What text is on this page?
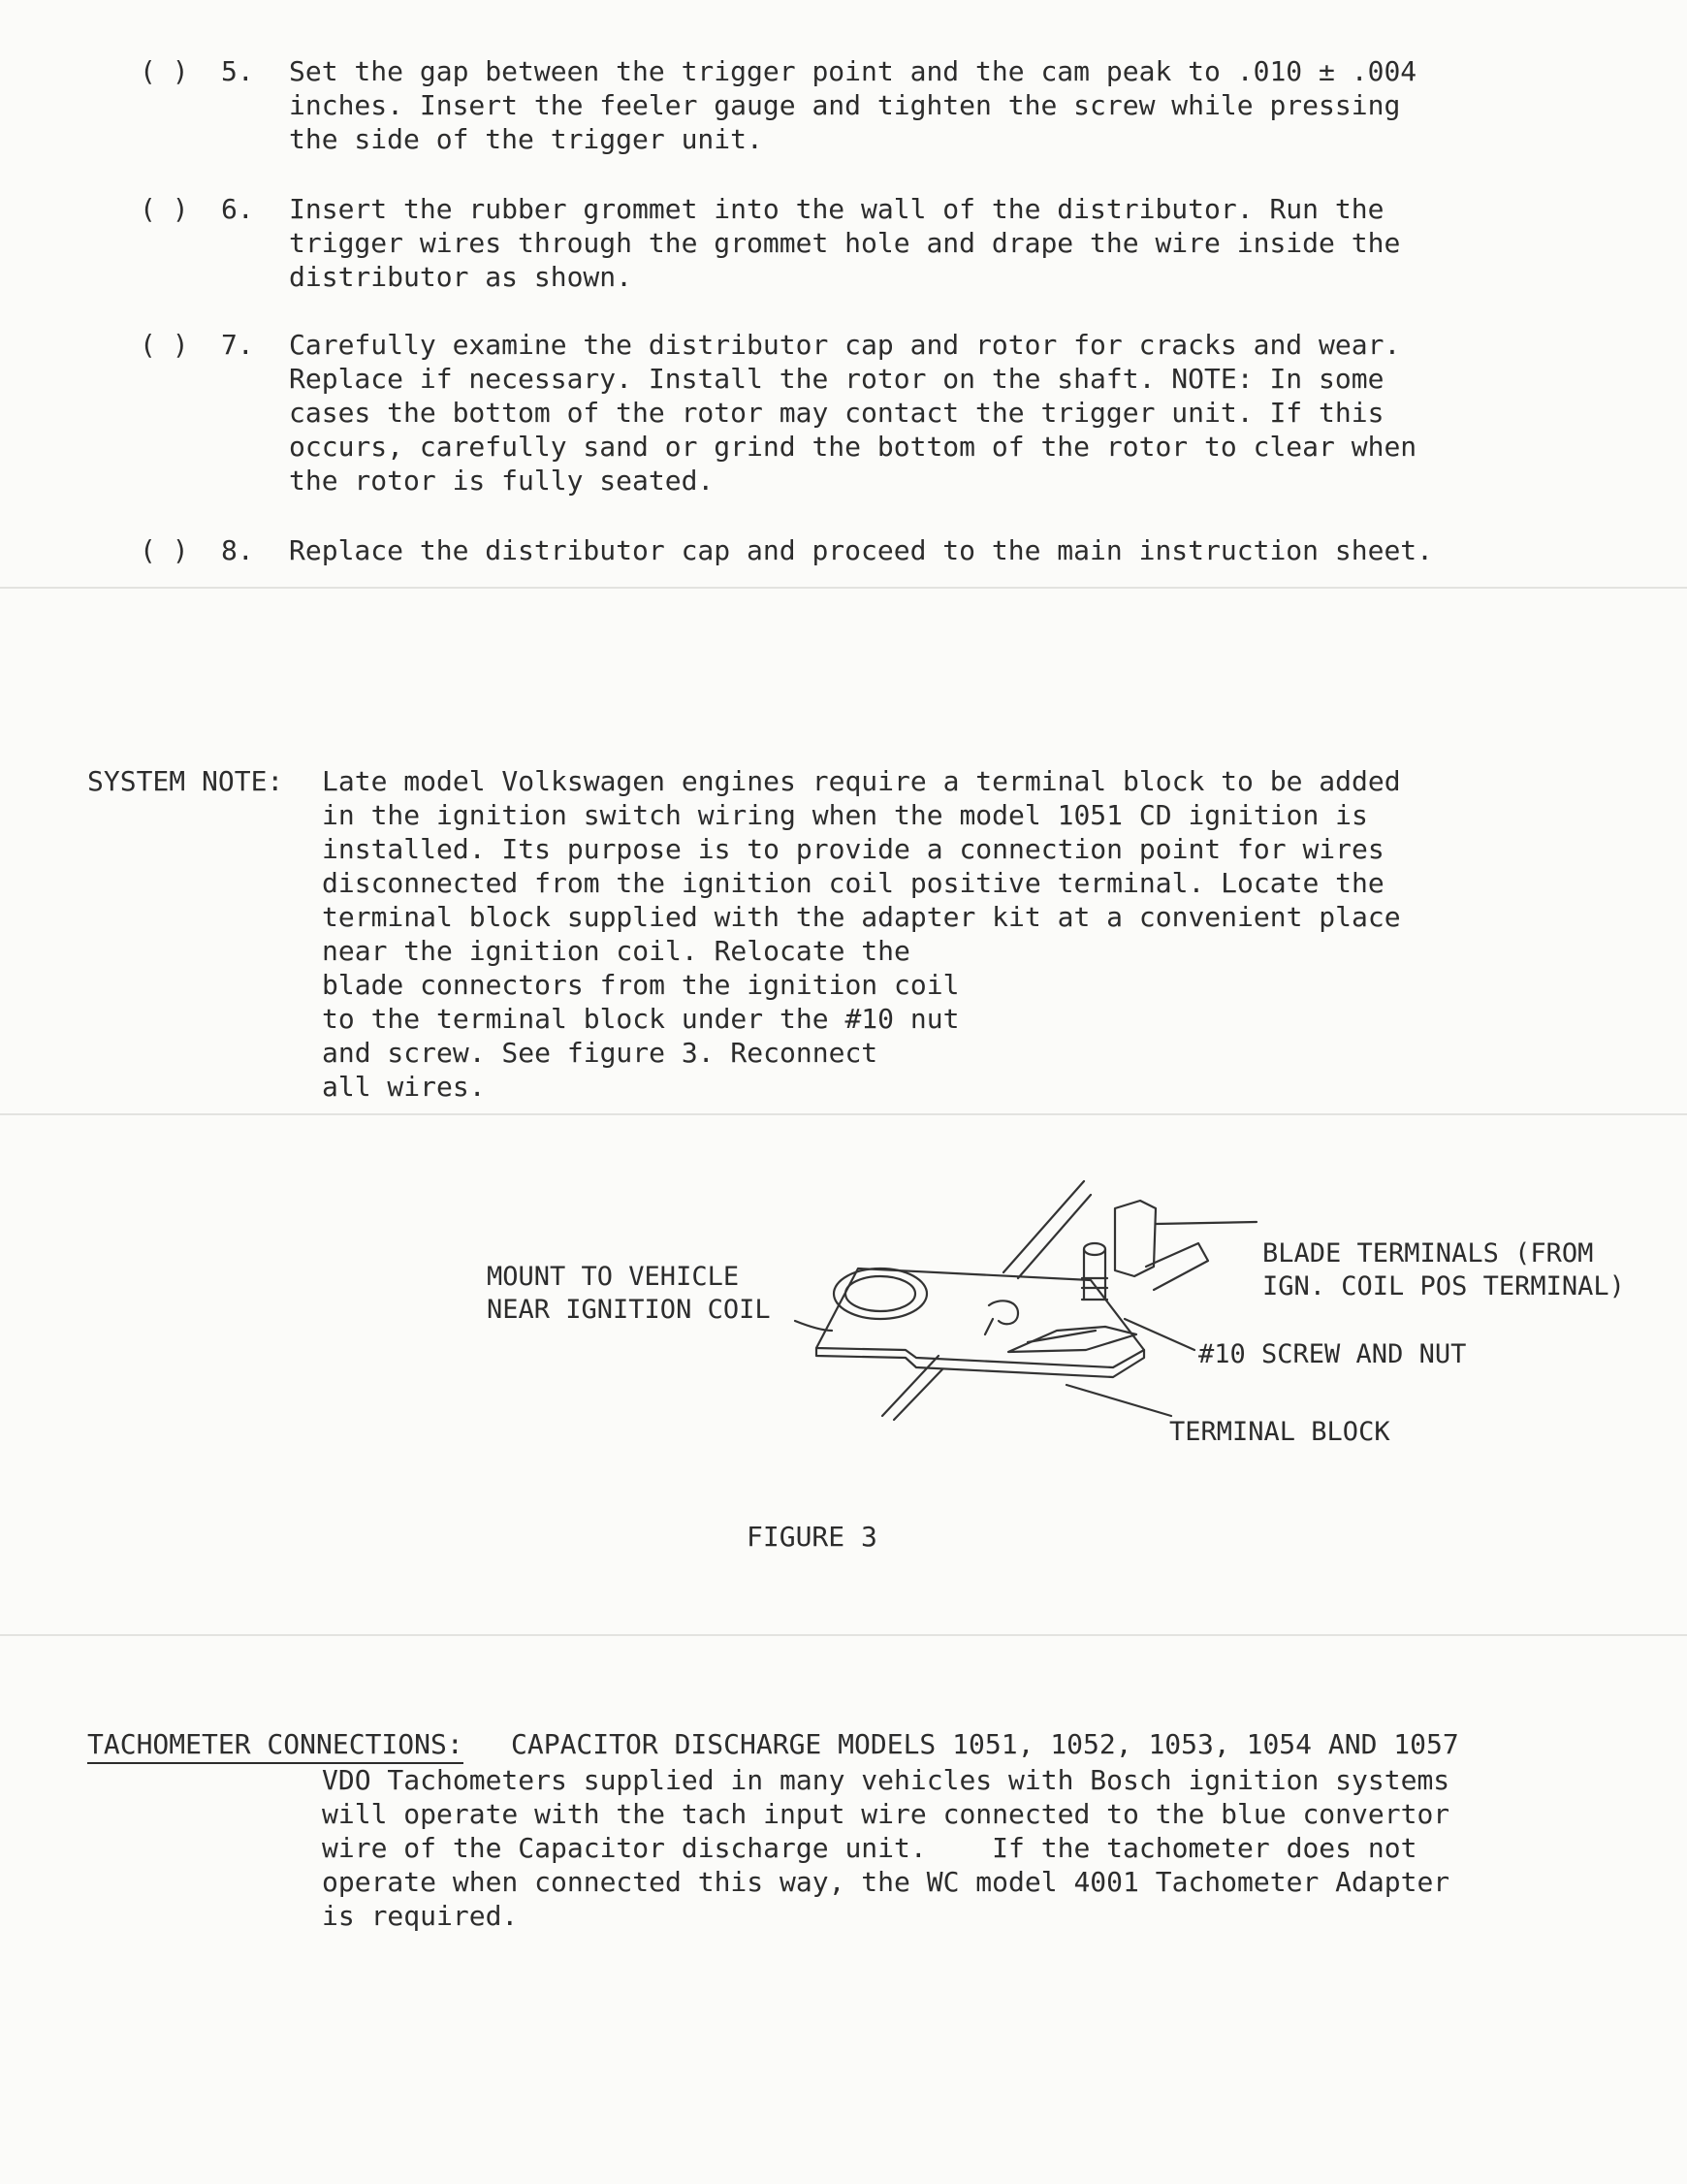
( ) 5. Set the gap between the trigger point and the cam peak to .010 ± .004
inches. Insert the feeler gauge and tighten the screw while pressing
the side of the trigger unit.
( ) 6. Insert the rubber grommet into the wall of the distributor. Run the
trigger wires through the grommet hole and drape the wire inside the
distributor as shown.
( ) 7. Carefully examine the distributor cap and rotor for cracks and wear.
Replace if necessary. Install the rotor on the shaft. NOTE: In some
cases the bottom of the rotor may contact the trigger unit. If this
occurs, carefully sand or grind the bottom of the rotor to clear when
the rotor is fully seated.
( ) 8. Replace the distributor cap and proceed to the main instruction sheet.
SYSTEM NOTE: Late model Volkswagen engines require a terminal block to be added
in the ignition switch wiring when the model 1051 CD ignition is
installed. Its purpose is to provide a connection point for wires
disconnected from the ignition coil positive terminal. Locate the
terminal block supplied with the adapter kit at a convenient place
near the ignition coil. Relocate the
blade connectors from the ignition coil
to the terminal block under the #10 nut
and screw. See figure 3. Reconnect
all wires.
MOUNT TO VEHICLE
NEAR IGNITION COIL
BLADE TERMINALS (FROM
IGN. COIL POS TERMINAL)
#10 SCREW AND NUT
TERMINAL BLOCK
FIGURE 3
TACHOMETER CONNECTIONS: CAPACITOR DISCHARGE MODELS 1051, 1052, 1053, 1054 AND 1057
VDO Tachometers supplied in many vehicles with Bosch ignition systems
will operate with the tach input wire connected to the blue convertor
wire of the Capacitor discharge unit.    If the tachometer does not
operate when connected this way, the WC model 4001 Tachometer Adapter
is required.
